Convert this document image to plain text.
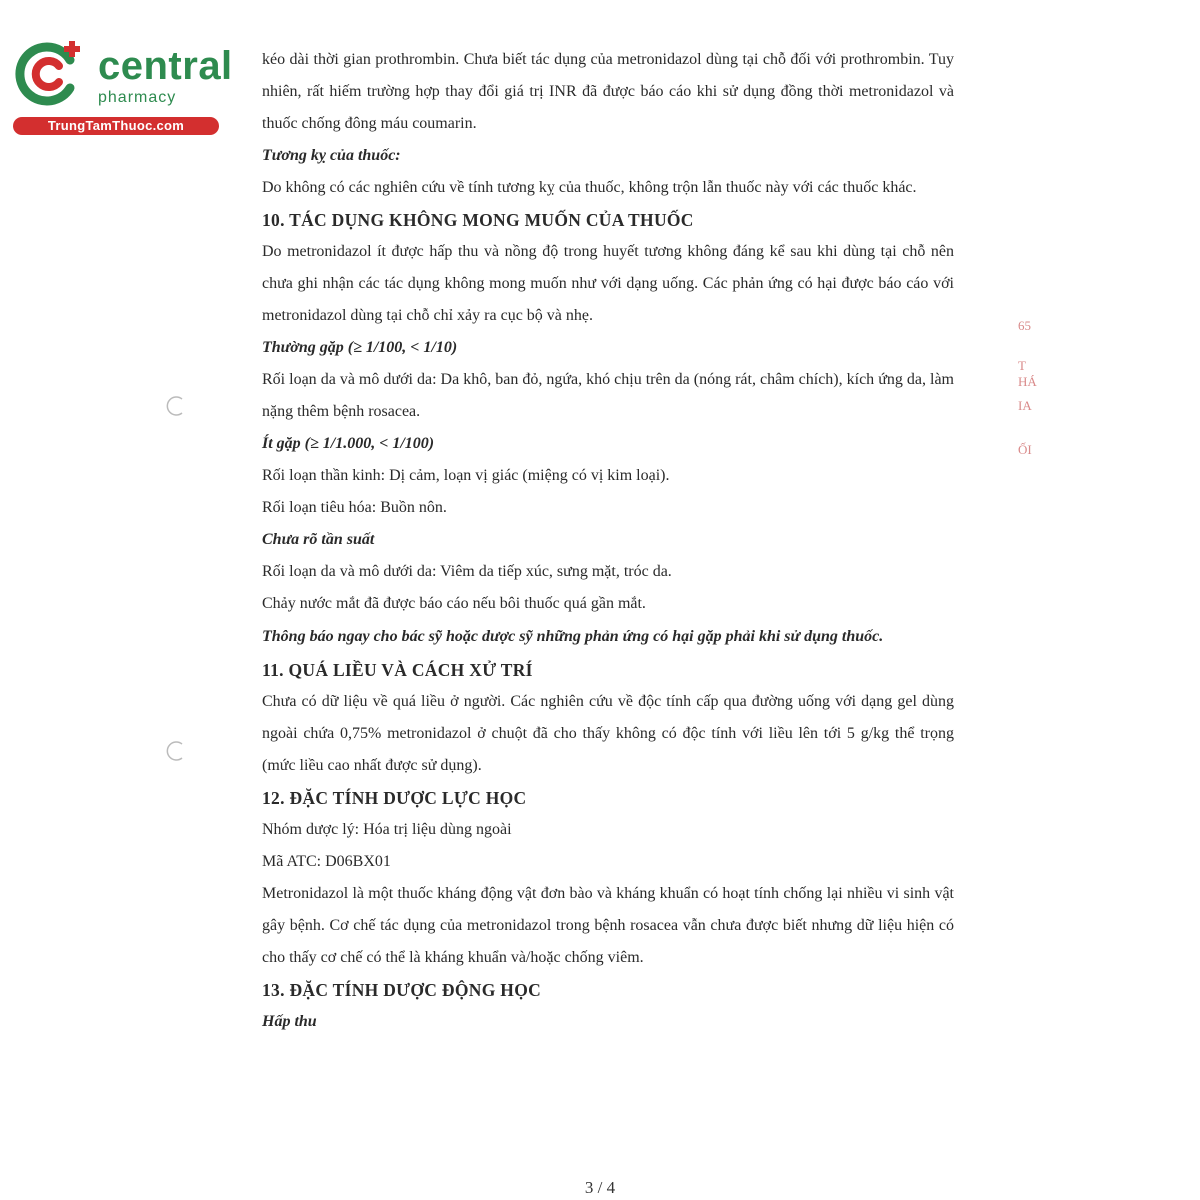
central
pharmacy
TrungTamThuoc.com
65
T
HÁ
IA
ỐI

kéo dài thời gian prothrombin. Chưa biết tác dụng của metronidazol dùng tại chỗ đối với prothrombin. Tuy nhiên, rất hiếm trường hợp thay đổi giá trị INR đã được báo cáo khi sử dụng đồng thời metronidazol và thuốc chống đông máu coumarin.

Tương kỵ của thuốc:

Do không có các nghiên cứu về tính tương kỵ của thuốc, không trộn lẫn thuốc này với các thuốc khác.

10. TÁC DỤNG KHÔNG MONG MUỐN CỦA THUỐC

Do metronidazol ít được hấp thu và nồng độ trong huyết tương không đáng kể sau khi dùng tại chỗ nên chưa ghi nhận các tác dụng không mong muốn như với dạng uống. Các phản ứng có hại được báo cáo với metronidazol dùng tại chỗ chỉ xảy ra cục bộ và nhẹ.

Thường gặp (≥ 1/100, < 1/10)

Rối loạn da và mô dưới da: Da khô, ban đỏ, ngứa, khó chịu trên da (nóng rát, châm chích), kích ứng da, làm nặng thêm bệnh rosacea.

Ít gặp (≥ 1/1.000, < 1/100)

Rối loạn thần kinh: Dị cảm, loạn vị giác (miệng có vị kim loại).

Rối loạn tiêu hóa: Buồn nôn.

Chưa rõ tần suất

Rối loạn da và mô dưới da: Viêm da tiếp xúc, sưng mặt, tróc da.

Chảy nước mắt đã được báo cáo nếu bôi thuốc quá gần mắt.

Thông báo ngay cho bác sỹ hoặc dược sỹ những phản ứng có hại gặp phải khi sử dụng thuốc.

11. QUÁ LIỀU VÀ CÁCH XỬ TRÍ

Chưa có dữ liệu về quá liều ở người. Các nghiên cứu về độc tính cấp qua đường uống với dạng gel dùng ngoài chứa 0,75% metronidazol ở chuột đã cho thấy không có độc tính với liều lên tới 5 g/kg thể trọng (mức liều cao nhất được sử dụng).

12. ĐẶC TÍNH DƯỢC LỰC HỌC

Nhóm dược lý: Hóa trị liệu dùng ngoài

Mã ATC: D06BX01

Metronidazol là một thuốc kháng động vật đơn bào và kháng khuẩn có hoạt tính chống lại nhiều vi sinh vật gây bệnh. Cơ chế tác dụng của metronidazol trong bệnh rosacea vẫn chưa được biết nhưng dữ liệu hiện có cho thấy cơ chế có thể là kháng khuẩn và/hoặc chống viêm.

13. ĐẶC TÍNH DƯỢC ĐỘNG HỌC

Hấp thu

3 / 4
